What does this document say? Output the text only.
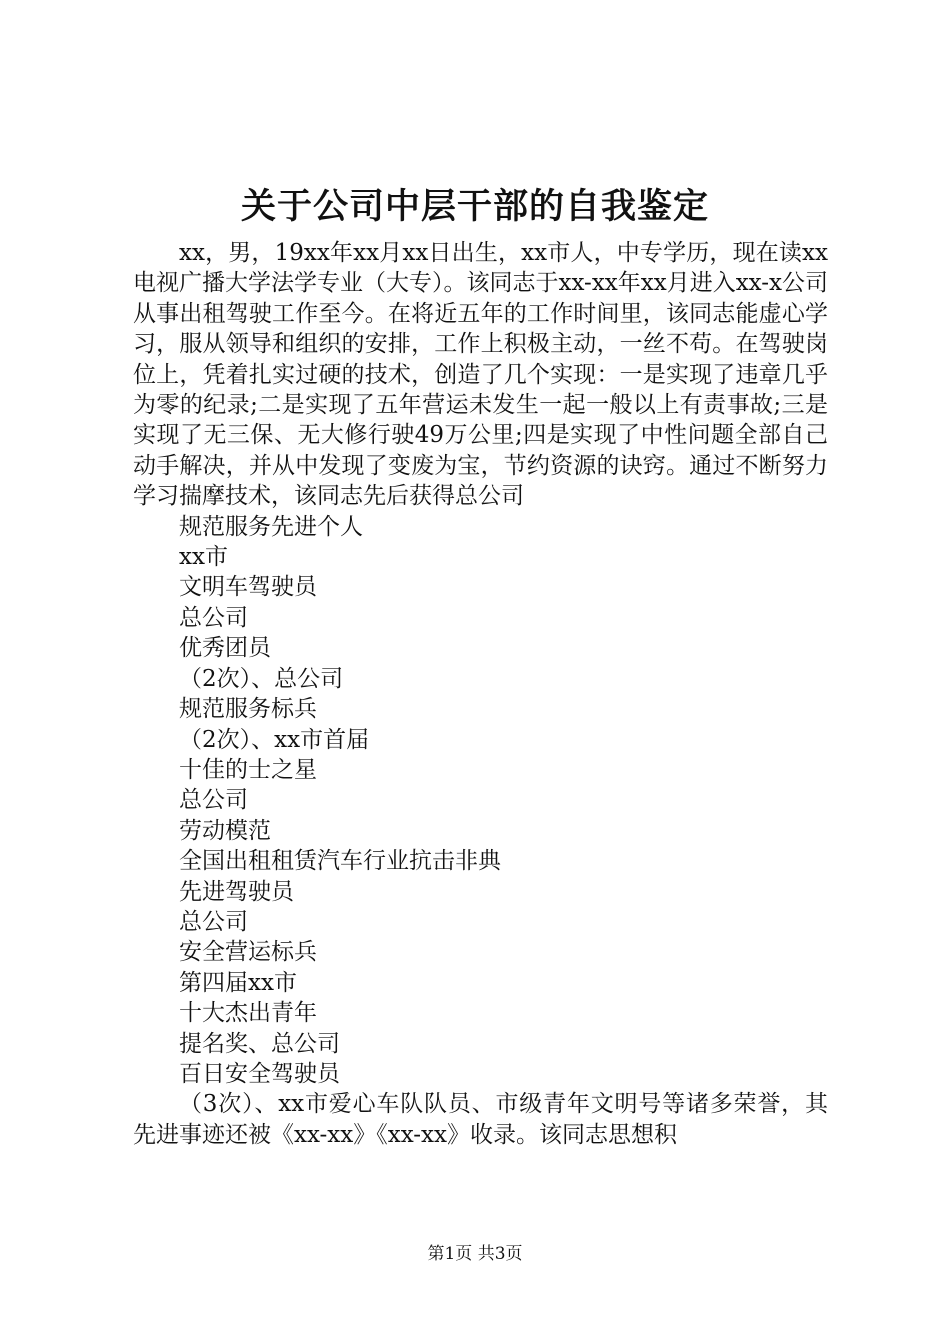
关于公司中层干部的自我鉴定

xx，男，19xx年xx月xx日出生，xx市人，中专学历，现在读xx电视广播大学法学专业（大专）。该同志于xx-xx年xx月进入xx-x公司从事出租驾驶工作至今。在将近五年的工作时间里，该同志能虚心学习，服从领导和组织的安排，工作上积极主动，一丝不苟。在驾驶岗位上，凭着扎实过硬的技术，创造了几个实现：一是实现了违章几乎为零的纪录;二是实现了五年营运未发生一起一般以上有责事故;三是实现了无三保、无大修行驶49万公里;四是实现了中性问题全部自己动手解决，并从中发现了变废为宝，节约资源的诀窍。通过不断努力学习揣摩技术，该同志先后获得总公司

规范服务先进个人
xx市
文明车驾驶员
总公司
优秀团员
（2次）、总公司
规范服务标兵
（2次）、xx市首届
十佳的士之星
总公司
劳动模范
全国出租租赁汽车行业抗击非典
先进驾驶员
总公司
安全营运标兵
第四届xx市
十大杰出青年
提名奖、总公司
百日安全驾驶员

（3次）、xx市爱心车队队员、市级青年文明号等诸多荣誉，其先进事迹还被《xx-xx》《xx-xx》收录。该同志思想积

第1页 共3页
